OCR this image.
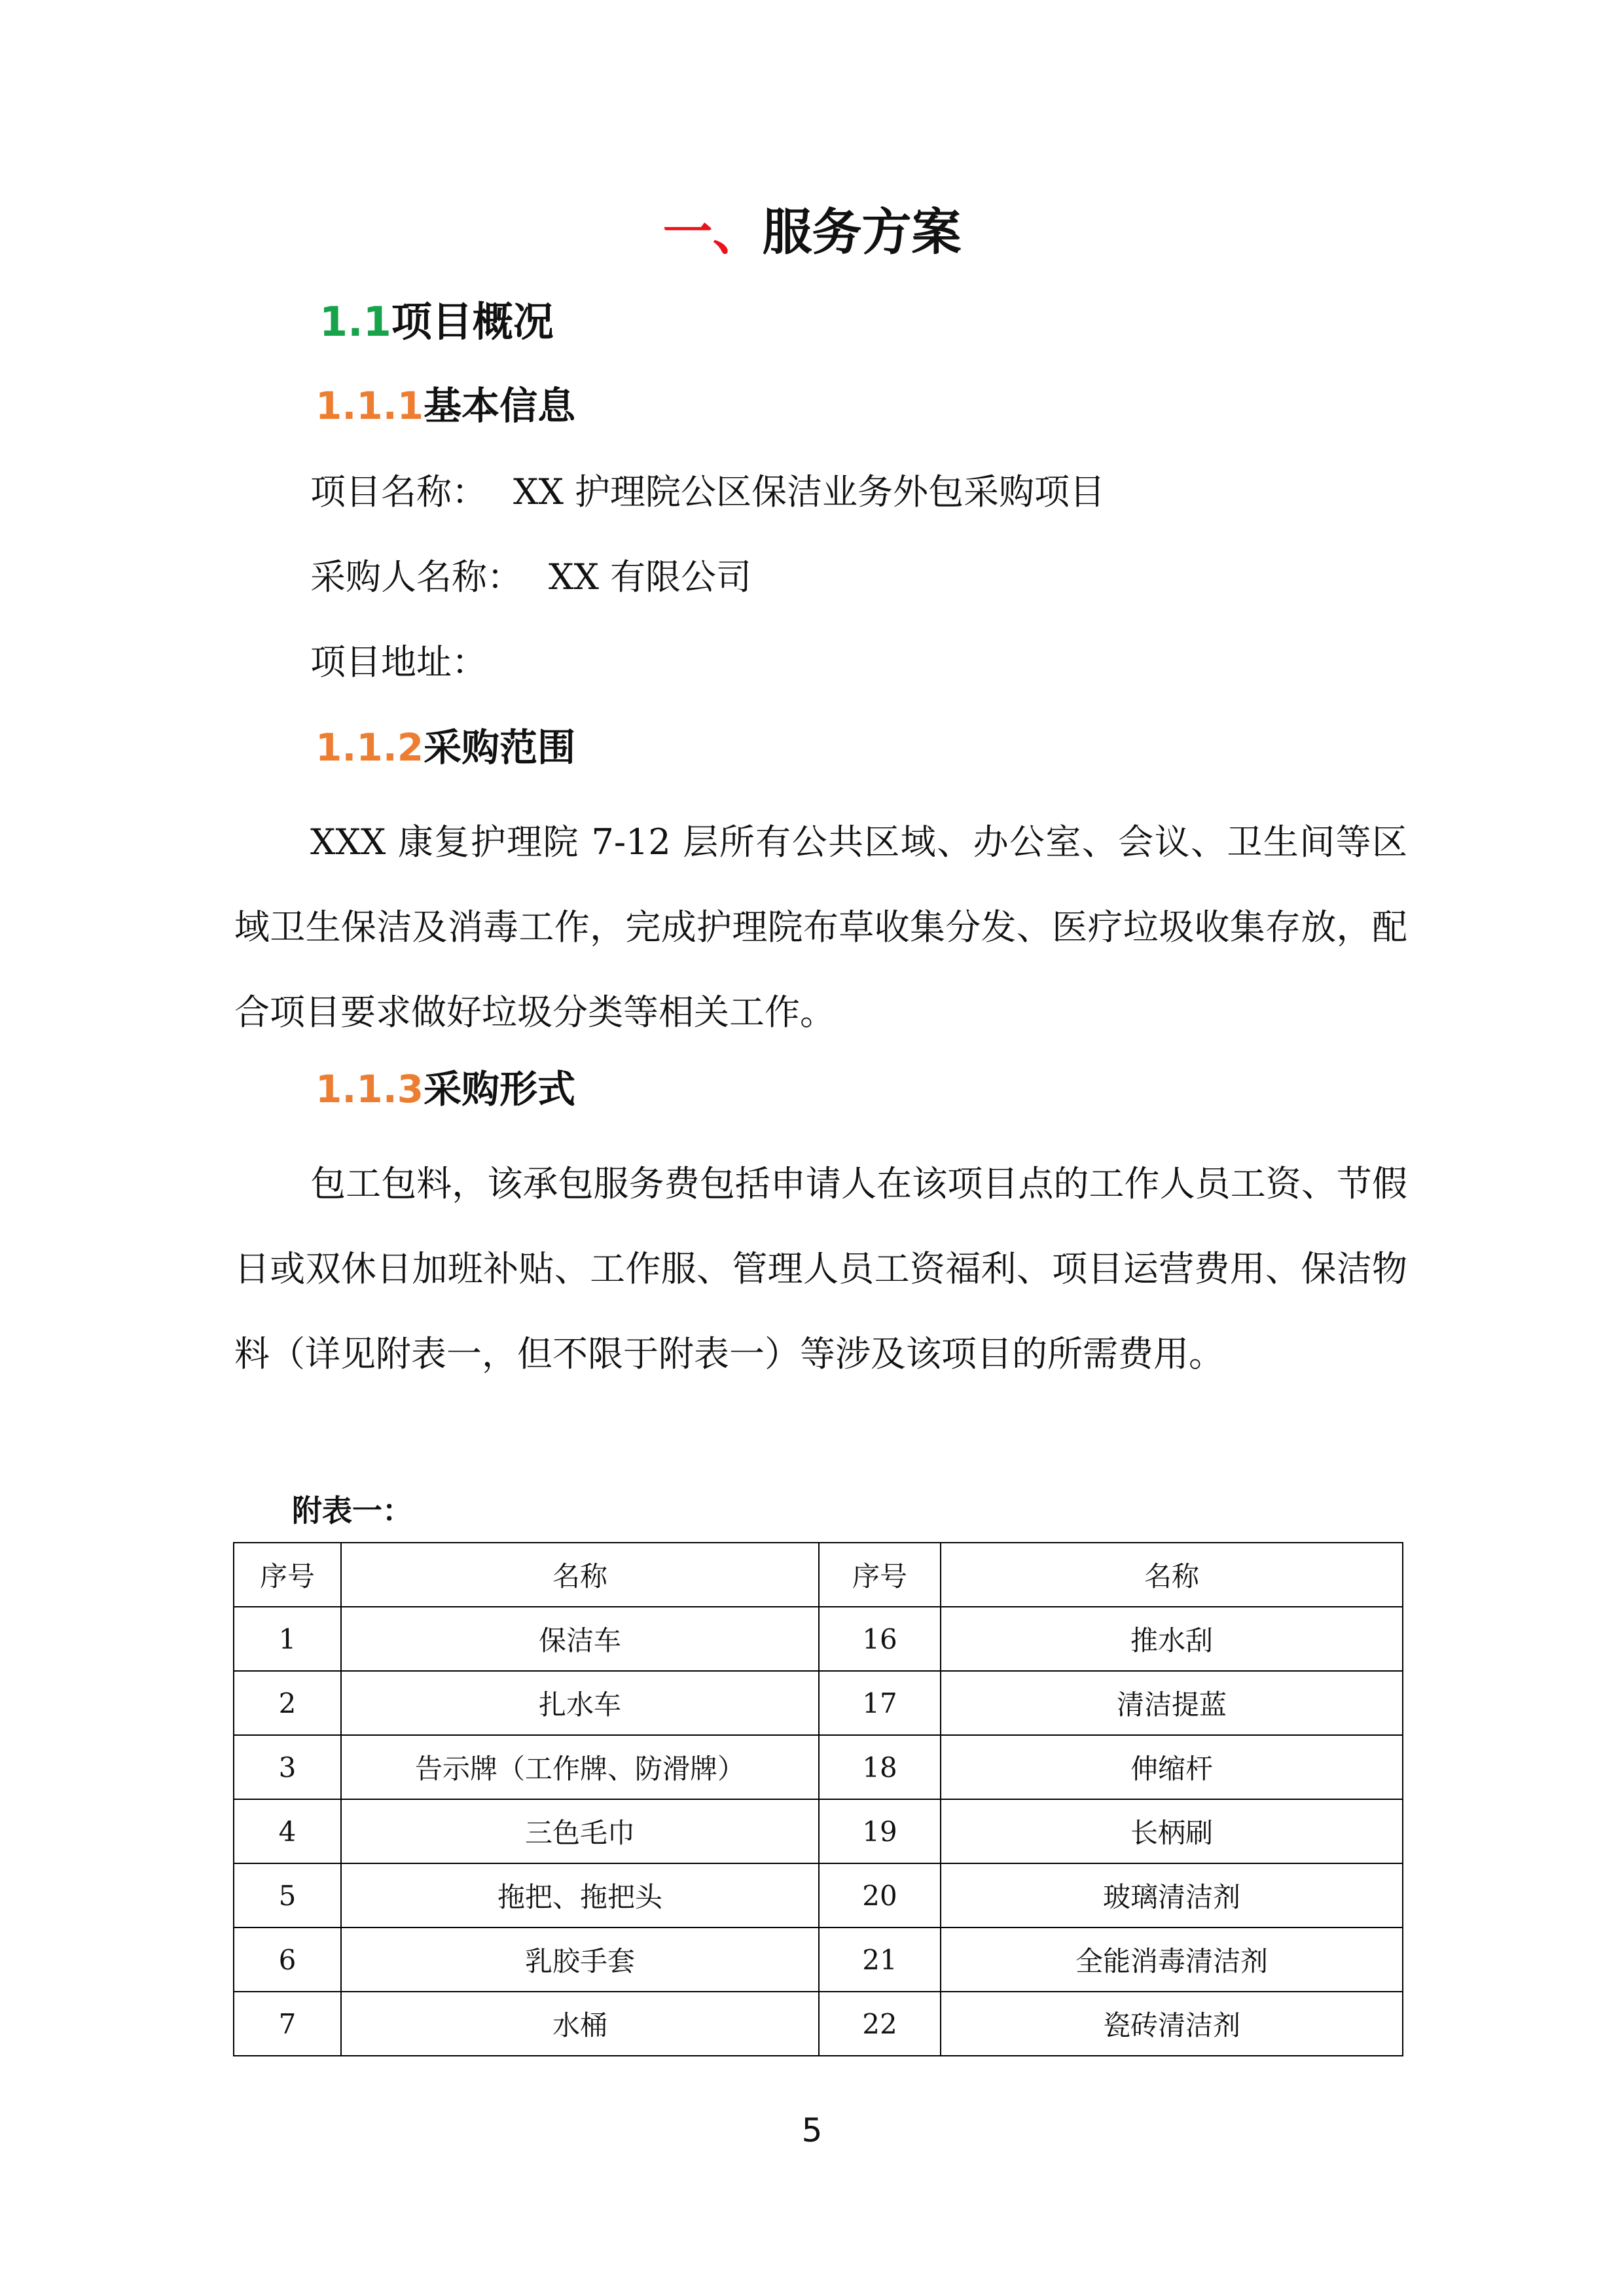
一、服务方案
1.1项目概况
1.1.1基本信息
项目名称： XX 护理院公区保洁业务外包采购项目
采购人名称： XX 有限公司
项目地址：
1.1.2采购范围

XXX 康复护理院 7-12 层所有公共区域、办公室、会议、卫生间等区域卫生保洁及消毒工作，完成护理院布草收集分发、医疗垃圾收集存放，配合项目要求做好垃圾分类等相关工作。

1.1.3采购形式

包工包料，该承包服务费包括申请人在该项目点的工作人员工资、节假日或双休日加班补贴、工作服、管理人员工资福利、项目运营费用、保洁物料（详见附表一，但不限于附表一）等涉及该项目的所需费用。

附表一：
序号	名称	序号	名称
1	保洁车	16	推水刮
2	扎水车	17	清洁提蓝
3	告示牌（工作牌、防滑牌）	18	伸缩杆
4	三色毛巾	19	长柄刷
5	拖把、拖把头	20	玻璃清洁剂
6	乳胶手套	21	全能消毒清洁剂
7	水桶	22	瓷砖清洁剂
5
